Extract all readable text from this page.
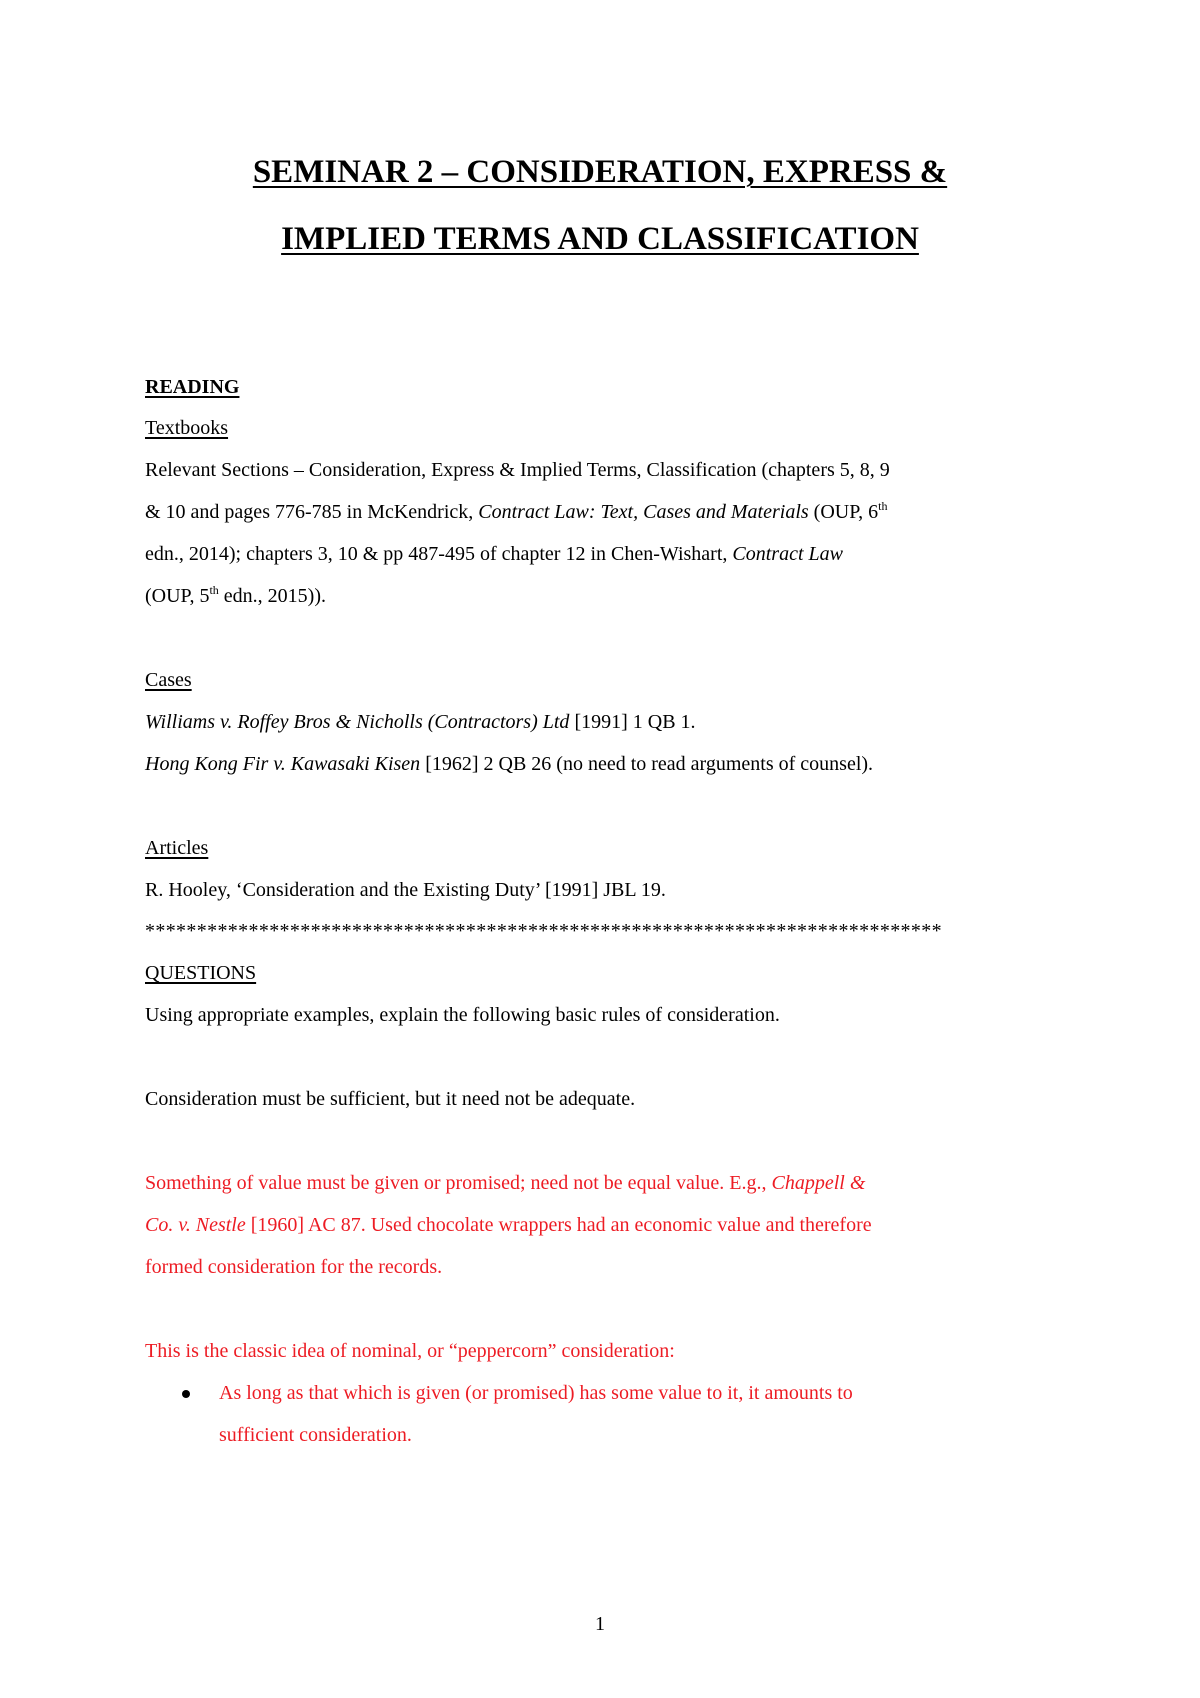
SEMINAR 2 – CONSIDERATION, EXPRESS &
IMPLIED TERMS AND CLASSIFICATION
READING
Textbooks
Relevant Sections – Consideration, Express & Implied Terms, Classification (chapters 5, 8, 9
& 10 and pages 776-785 in McKendrick, Contract Law: Text, Cases and Materials (OUP, 6th
edn., 2014); chapters 3, 10 & pp 487-495 of chapter 12 in Chen-Wishart, Contract Law
(OUP, 5th edn., 2015)).
Cases
Williams v. Roffey Bros & Nicholls (Contractors) Ltd [1991] 1 QB 1.
Hong Kong Fir v. Kawasaki Kisen [1962] 2 QB 26 (no need to read arguments of counsel).
Articles
R. Hooley, ‘Consideration and the Existing Duty’ [1991] JBL 19.
*****************************************************************************
QUESTIONS
Using appropriate examples, explain the following basic rules of consideration.
Consideration must be sufficient, but it need not be adequate.
Something of value must be given or promised; need not be equal value. E.g., Chappell &
Co. v. Nestle [1960] AC 87. Used chocolate wrappers had an economic value and therefore
formed consideration for the records.
This is the classic idea of nominal, or “peppercorn” consideration:
As long as that which is given (or promised) has some value to it, it amounts to
sufficient consideration.
1
